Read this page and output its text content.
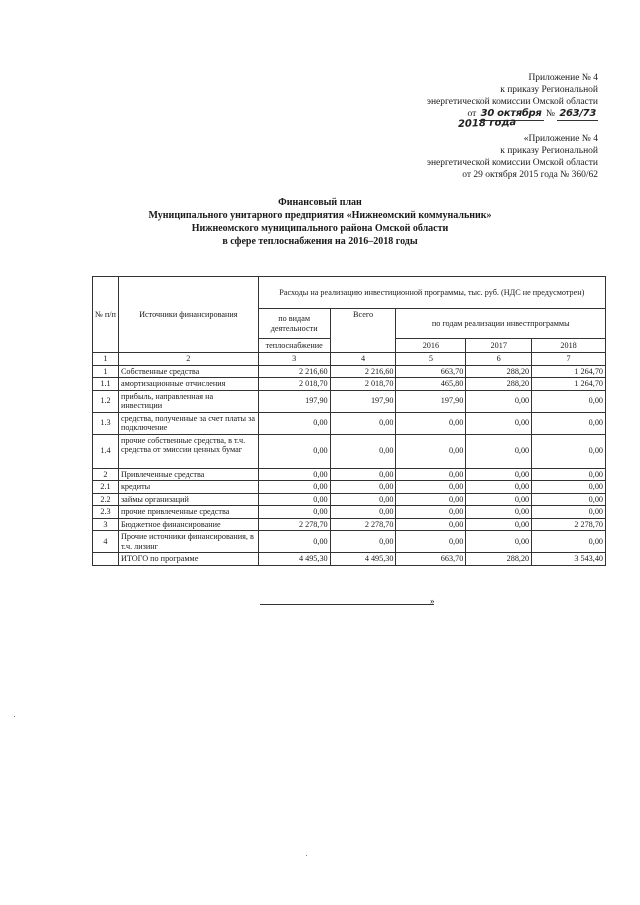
Приложение № 4
к приказу Региональной
энергетической комиссии Омской области
от 30 октября № 263/73
2018 года
«Приложение № 4
к приказу Региональной
энергетической комиссии Омской области
от 29 октября 2015 года № 360/62
Финансовый план
Муниципального унитарного предприятия «Нижнеомский коммунальник»
Нижнеомского муниципального района Омской области
в сфере теплоснабжения на 2016–2018 годы
№ п/п	Источники финансирования	Расходы на реализацию инвестиционной программы, тыс. руб. (НДС не предусмотрен)				
		по видам деятельности	Всего	по годам реализации инвестпрограммы		
		теплоснабжение		2016	2017	2018
1	2	3	4	5	6	7
1	Собственные средства	2 216,60	2 216,60	663,70	288,20	1 264,70
1.1	амортизационные отчисления	2 018,70	2 018,70	465,80	288,20	1 264,70
1.2	прибыль, направленная на инвестиции	197,90	197,90	197,90	0,00	0,00
1.3	средства, полученные за счет платы за подключение	0,00	0,00	0,00	0,00	0,00
1.4	прочие собственные средства, в т.ч. средства от эмиссии ценных бумаг	0,00	0,00	0,00	0,00	0,00
2	Привлеченные средства	0,00	0,00	0,00	0,00	0,00
2.1	кредиты	0,00	0,00	0,00	0,00	0,00
2.2	займы организаций	0,00	0,00	0,00	0,00	0,00
2.3	прочие привлеченные средства	0,00	0,00	0,00	0,00	0,00
3	Бюджетное финансирование	2 278,70	2 278,70	0,00	0,00	2 278,70
4	Прочие источники финансирования, в т.ч. лизинг	0,00	0,00	0,00	0,00	0,00
	ИТОГО по программе	4 495,30	4 495,30	663,70	288,20	3 543,40
»
